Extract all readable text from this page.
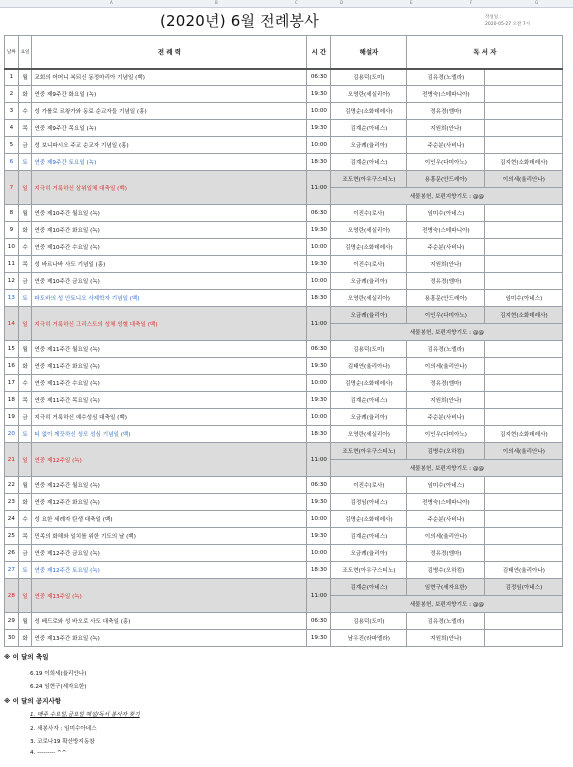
A	B	C	D	E	F	G
(2020년) 6월 전례봉사	작성일 :
2020-05-27 오전 7시
날짜	요일	전 례 력	시 간	해설자	독 서 자	
1	월	교회의 어머니 복되신 동정마리아 기념일 (백)	06:30	김용덕(도미)	김유경(노엘라)	
2	화	연중 제9주간 화요일 (녹)	19:30	오영란(세실리아)	전병숙(스테파니아)	
3	수	성 가롤로 르왕가와 동료 순교자들 기념일 (홍)	10:00	김명순(소화데레사)	정유경(엠마)	
4	목	연중 제9주간 목요일 (녹)	19:30	김계순(아네스)	지원희(안나)	
5	금	성 보니파시오 주교 순교자 기념일 (홍)	10:00	오금례(율리아)	주순분(사비나)	
6	토	연중 제9주간 토요일 (녹)	18:30	김계순(아네스)	이인우(다미아노)	김지현(소화데레사)
7	일	지극히 거룩하신 삼위일체 대축일 (백)	11:00	조도현(아우구스티노)	용흥문(안드레아)	이의세(율리안나)
				세물봉헌, 보편지향기도 : @@		
8	월	연중 제10주간 월요일 (녹)	06:30	이진수(로사)	임미수(아네스)	
9	화	연중 제10주간 화요일 (녹)	19:30	오영란(세실리아)	전병숙(스테파니아)	
10	수	연중 제10주간 수요일 (녹)	10:00	김명순(소화데레사)	주순분(사비나)	
11	목	성 바르나바 사도 기념일 (홍)	19:30	이진수(로사)	지원희(안나)	
12	금	연중 제10주간 금요일 (녹)	10:00	오금례(율리아)	정유경(엠마)	
13	토	파도바의 성 안토니오 사제학자 기념일 (백)	18:30	오영란(세실리아)	용흥문(안드레아)	임미수(아네스)
14	일	지극히 거룩하신 그리스도의 성체 성혈 대축일 (백)	11:00	오금례(율리아)	이인우(다미아노)	김지현(소화데레사)
				세물봉헌, 보편지향기도 : @@		
15	월	연중 제11주간 월요일 (녹)	06:30	김용덕(도미)	김유경(노엘라)	
16	화	연중 제11주간 화요일 (녹)	19:30	김태연(율리아나)	이의세(율리안나)	
17	수	연중 제11주간 수요일 (녹)	10:00	김명순(소화데레사)	정유경(엠마)	
18	목	연중 제11주간 목요일 (녹)	19:30	김계순(아네스)	지원희(안나)	
19	금	지극히 거룩하신 예수성심 대축일 (백)	10:00	오금례(율리아)	주순분(사비나)	
20	토	티 없이 깨끗하신 성모 성심 기념일 (백)	18:30	오영란(세실리아)	이인우(다미아노)	김지현(소화데레사)
21	일	연중 제12주일 (녹)	11:00	조도현(아우구스티노)	김병수(오하킴)	이의세(율리안나)
				세물봉헌, 보편지향기도 : @@		
22	월	연중 제12주간 월요일 (녹)	06:30	이진수(로사)	임미수(아네스)	
23	화	연중 제12주간 화요일 (녹)	19:30	김정임(아네스)	전병숙(스테파니아)	
24	수	성 요한 세례자 탄생 대축일 (백)	10:00	김명순(소화데레사)	주순분(사비나)	
25	목	민족의 화해와 일치를 위한 기도의 날 (백)	19:30	김계순(아네스)	이의세(율리안나)	
26	금	연중 제12주간 금요일 (녹)	10:00	오금례(율리아)	정유경(엠마)	
27	토	연중 제12주간 토요일 (녹)	18:30	조도현(아우구스티노)	김병수(오하킴)	김태연(율리아나)
28	일	연중 제13주일 (녹)	11:00	김계순(아네스)	임현구(세자요한)	김정임(아네스)
				세물봉헌, 보편지향기도 : @@		
29	월	성 베드로와 성 바오로 사도 대축일 (홍)	06:30	김용덕(도미)	김유경(노엘라)	
30	화	연중 제13주간 화요일 (녹)	19:30	남우진(라파엘라)	지원희(안나)	
※ 이 달의 축일
6.19 이희세(율리안나)
6.24 임현구(세자요한)
※ 이 달의 공지사항
1. 매주 수요일,금요일 해설/독서 봉사자 찾기
2. 새봉사자 : 임미수아네스
3. 코로나19 확산방지동참
4. --------- ^^
